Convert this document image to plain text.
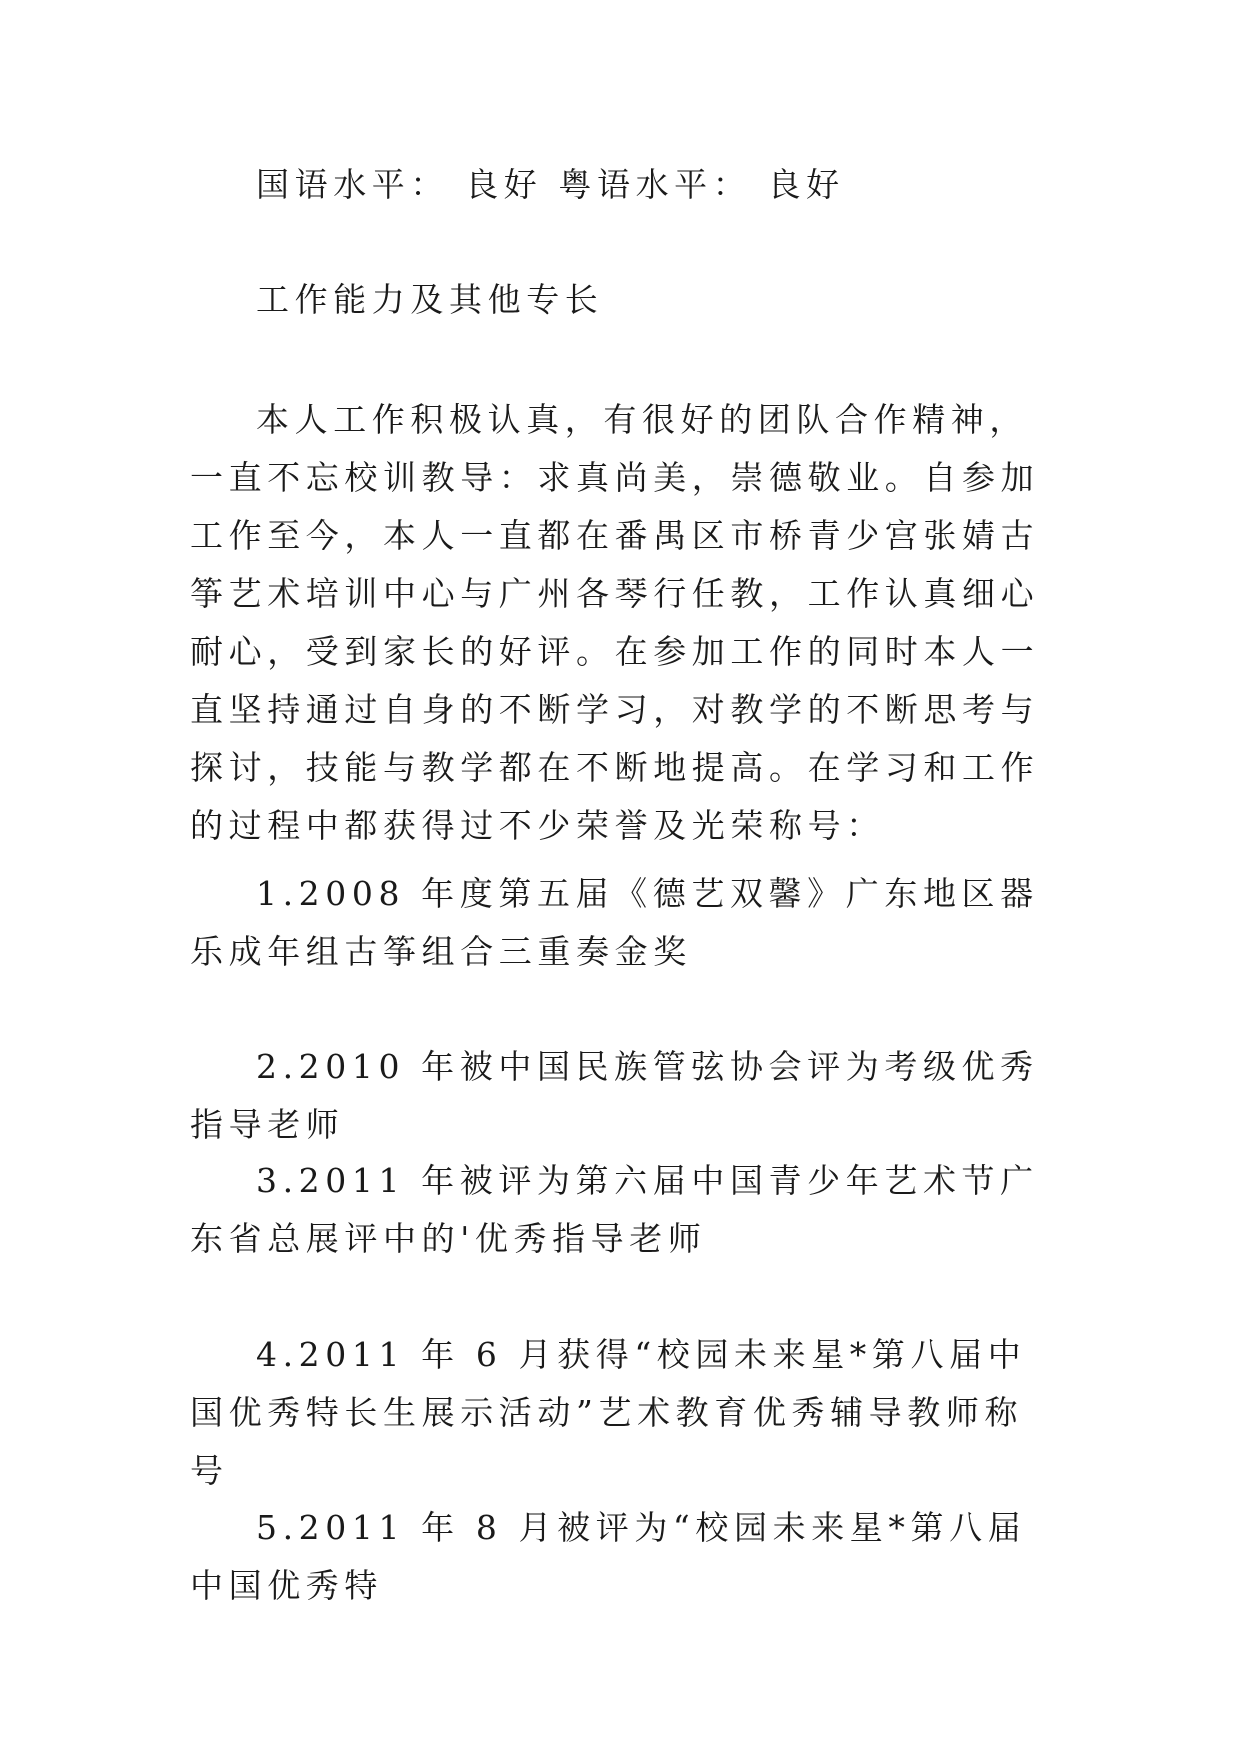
国语水平： 良好 粤语水平： 良好

工作能力及其他专长

本人工作积极认真，有很好的团队合作精神，一直不忘校训教导：求真尚美，崇德敬业。自参加工作至今，本人一直都在番禺区市桥青少宫张婧古筝艺术培训中心与广州各琴行任教，工作认真细心耐心，受到家长的好评。在参加工作的同时本人一直坚持通过自身的不断学习，对教学的不断思考与探讨，技能与教学都在不断地提高。在学习和工作的过程中都获得过不少荣誉及光荣称号：

1.2008 年度第五届《德艺双馨》广东地区器乐成年组古筝组合三重奏金奖

2.2010 年被中国民族管弦协会评为考级优秀指导老师

3.2011 年被评为第六届中国青少年艺术节广东省总展评中的'优秀指导老师

4.2011 年 6 月获得“校园未来星*第八届中国优秀特长生展示活动”艺术教育优秀辅导教师称号

5.2011 年 8 月被评为“校园未来星*第八届中国优秀特
